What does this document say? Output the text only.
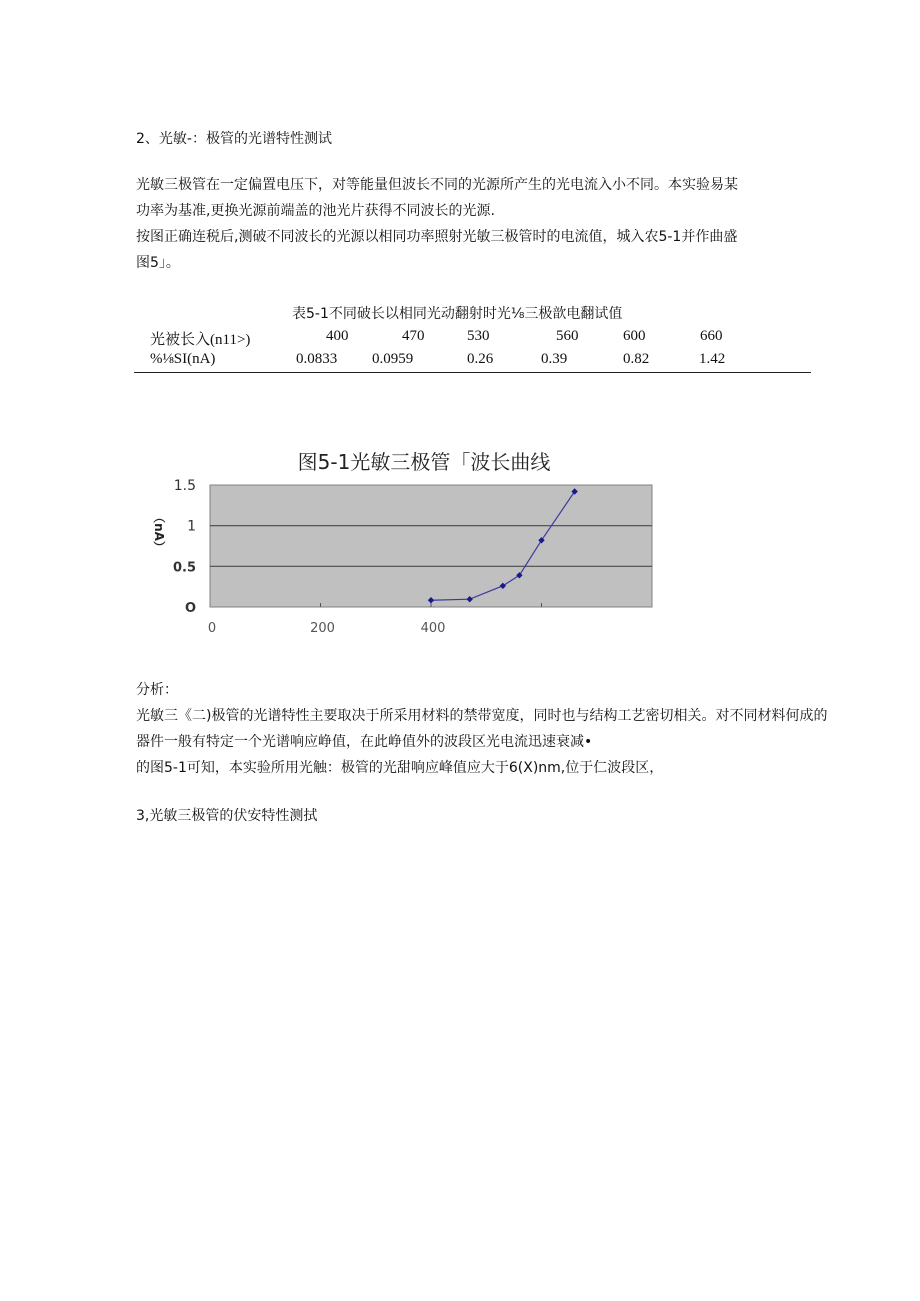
2、光敏-：极管的光谱特性测试
光敏三极管在一定偏置电压下，对等能量但波长不同的光源所产生的光电流入小不同。本实验易某
功率为基准,更换光源前端盖的池光片获得不同波长的光源.
按图正确连税后,测破不同波长的光源以相同功率照射光敏三极管时的电流值，城入农5-1并作曲盛
图5」。
表5-1不同破长以相同光动翻射时光⅛三极歆电翻试值
光被长入(n11>)	400	470	530	560	600	660
%⅛SI(nA)	0.0833 0.0959	0.26	0.39	0.82	1.42
图5-1光敏三极管「波长曲线
1.5
1
0.5
O
0	200	400
（nA）
分析：
光敏三《二)极管的光谱特性主要取决于所采用材料的禁带宽度，同时也与结构工艺密切相关。对不同材料何成的
器件一般有特定一个光谱响应峥值，在此峥值外的波段区光电流迅速衰减•
的图5-1可知，本实验所用光触：极管的光甜响应峰值应大于6(X)nm,位于仁波段区，
3,光敏三极管的伏安特性测拭
